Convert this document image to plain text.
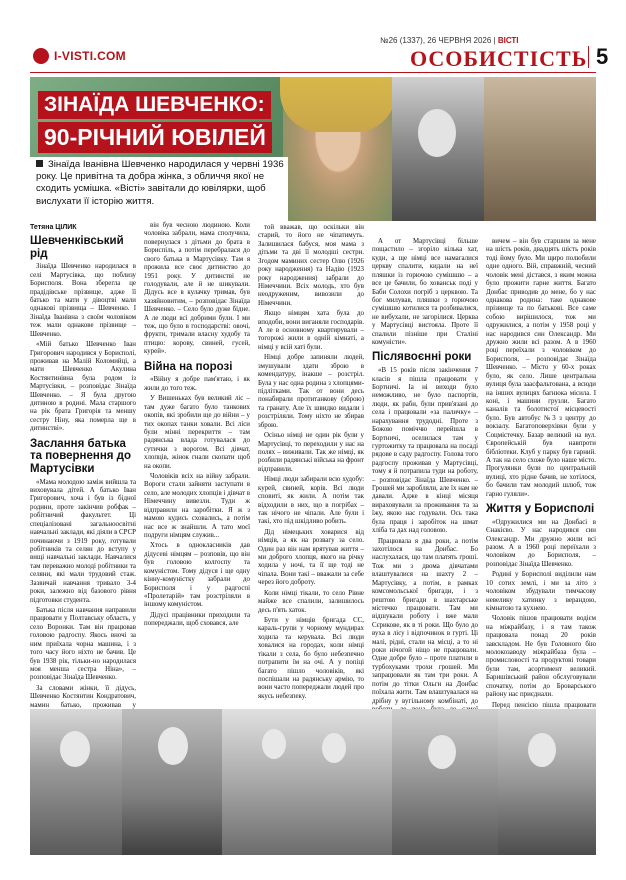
I-VISTI.COM
№26 (1337), 26 ЧЕРВНЯ 2026 | ВІСТІ
ОСОБИСТІСТЬ 5
ЗІНАЇДА ШЕВЧЕНКО:
90-РІЧНИЙ ЮВІЛЕЙ
Зінаїда Іванівна Шевченко народилася у червні 1936 року. Це привітна та добра жінка, з обличчя якої не сходить усмішка. «Вісті» завітали до ювілярки, щоб вислухати її історію життя.

Тетяна ЦІЛИК

Шевченківський рід

Зінаїда Шевченко народилася в селі Мартусівка, що поблизу Борисполя. Вона зберегла це прадідівське прізвище, адже її батько та мати у дівоцтві мали однакові прізвища – Шевченко. І Зінаїда Іванівна з своїм чоловіком теж мали однакове прізвище – Шевченко.

«Мій батько Шевченко Іван Григорович народився у Борисполі, проживав на Малій Коломийці, а мати Шевченко Акулина Костянтинівна була родом із Мартусівки, – розповідає Зінаїда Шевченко. – Я була другою дитиною в родині. Мала старшого на рік брата Григорія та меншу сестру Ніну, яка померла ще в дитинстві».

Заслання батька та повернення до Мартусівки

«Мама молодою заміж вийшла та виховувала дітей. А батько Іван Григорович, хоча і був із бідної родини, проте закінчив робфак – робітничий факультет. Ці спеціалізовані загальноосвітні навчальні заклади, які діяли в СРСР починаючи з 1919 року, готували робітників та селян до вступу у вищі навчальні заклади. Навчалися там переважно молоді робітники та селяни, які мали трудовий стаж. Зазвичай навчання тривало 3-4 роки, залежно від базового рівня підготовки студента.

Батька після навчання направили працювати у Полтавську область, у село Воронки. Там він працював головою радгоспу. Якось вночі за ним приїхала чорна машина, і з того часу його ніхто не бачив. Це був 1938 рік, тільки-но народилася моя менша сестра Ніна», – розповідає Зінаїда Шевченко.

За словами жінки, її дідусь, Шевченко Костянтин Кондратович, мамин батько, проживав у

він був чесною людиною. Коли чоловіка забрали, мама сполучила, повернулася з дітьми до брата в Бориспіль, а потім перебралася до свого батька в Мартусівку. Там я прожила все своє дитинство до 1951 року. У дитинстві не голодували, але й не шикували. Дідусь все в кулачку тримав, був хазяйновитим, – розповідає Зінаїда Шевченко. – Село було дуже бідне. А ле люди всі добрими були. І ми теж, що було в господарстві: овочі, фрукти, тримали власну худобу та птицю: корову, свиней, гусей, курей».

Війна на порозі

«Війну я добре пам'ятаю, і як жили до того теж.

У Вишеньках був великий ліс – там дуже багато було танкових окопів, які зробили ще до війни – у тих окопах танки ховали. Всі ліси були мінні перекриття – там радянська влада готувалася до сутички з ворогом. Всі дівчат, хлопців, жінок гнали скопати щоб на окопи.

Чоловіків всіх на війну забрали. Вороги стали зайняти заступати в село, але молодих хлопців і дівчат в Німеччину вивезли. Туди ж відправили на заробітки. Я ж з мамою кудись сховались, а потім нас все ж знайшли. А тато моєї подруги німцям служив...

Хтось в однокласників дав дідусеві німцям – розповів, що він був головою колгоспу та комуністом. Тому дідуся і ще одну кінну-комуністку забрали до Борисполя і у радгоспі «Пролетарій» там розстріляли в іншому комуністом.

Дідусі працівники приходили та попереджали, щоб сховався, але

той вважав, що оскільки він старий, то його не чіпатимуть. Залишилася бабуся, моя мама з дітьми та дві її молодші сестри. Згодом маминих сестер Олю (1926 року народження) та Надію (1923 року народження) забрали до Німеччини. Всіх молодь, хто був неодруженим, вивозили до Німеччини.

Якщо німцям хата була до вподоби, вони виганяли господарів. А ле в основному квартирували – тогорожі жили в одній кімнаті, а німці у всій хаті були.

Німці добре запиняли людей, змушували здати зброю в комендатуру, інакше – розстріл. Була у нас одна родина з хлопцями-підлітками. Так от вони десь понабирали протитанкову (зброю) та гранату. Але їх швидко видали і розстріляли. Тому ніхто не збирав зброю.

Осіньо німці не один рік були у Мартусівці, то переходили у нас на полях – виживали. Так же німці, як розбили радянські війська на фронт відправили.

Німці люди забирали всю худобу: курей, свиней, корів. Всі люди сповиті, як жили. А потім так відходили в них, що в погрібах – так нічого не чіпали. Але були і такі, хто під шкідливо робить.

Дід німецьких ховарися від німців, а як на розвагу за село. Один раз він нам врятував життя – ми доброго хлопця, якого на річку ходила у ночі, та її ще тоді не чіпала. Вони такі – вважали за себе через його доброту.

Коли німці тікали, то село Рівне майже все спалили, залишилось десь п'ять хаток.

Бути у німців бригада СС, караль-групи у чорному мундирах ходила та керувала. Всі люди ховалися на городах, коли німці тікали з села, бо було небезпечно потрапити їм на очі. А у попіці багато пішло чоловіків, які поспішали на радянську армію, то вони часто попереджали людей про якусь небезпеку.

А от Мартусівці більше пощастило – згоріло кілька хат, куди, а ще німці все намагалися церкву спалити, кидали на неї пляшки із горючою сумішшю – а все це бачили, бо хованськ поді у Баби Солохи погріб з церквою. Та бог милував, пляшки з горючою сумішшю котилися та розбивалися, не вибухали, не загорілися. Церква у Мартусівці вистояла. Проте її спалили пізніше при Сталіні комуністи».

Післявоєнні роки

«В 15 років після закінчення 7 класів я пішла працювати у Бортничі. Іа ні виходи було неможливо, не було паспортів, люди, як раби, були прив'язані до села і працювали «за паличку» – нарахування трудодні. Проте з Божою поміччю перейшла в Бортничі, оселилася там у гуртожитку та працювала на посаді рядове в саду радгоспу. Голова того радгоспу проживав у Мартусівці, тому я й потрапила туди на роботу, – розповідає Зінаїда Шевченко. – Грошей ми заробляли, але їх нам не давали. Адже в кінці місяця вираховували за проживання та за їжу, якою нас годували. Ось така була праця і заробіток на шмат хліба та дах над головою.

Працювала я два роки, а потім захотілося на Донбас. Бо наслухалася, що там платять гроші. Тож ми з двома дівчатами влаштувалися на шахту 2 – Мартусівку, а потім, в рамках комсомольської бригади, і з рештою бригади в шахтарське містечко працювати. Там ми відшукали роботу і вже мали Сєрикове, як в ті роки. Що було до вуха в лісу і відпочинок в гурті. Ці малі, рідні, стали на місці, а то ні роки нічогой ніщо не працювали. Одне добре було – проте платили в турбохуками трохи грошей. Ми запрацювали як там три роки. А потім до тітки Ольги на Донбас поїхала жити. Там влаштувалася на дрібну у вугільному комбінаті, до

вичем – він був старшим за мене на шість років, двадцять шість років тоді йому було. Ми щиро полюбили одне одного. Вій, справжній, чесний чоловік мені дістався, з яким можна було прожити гарне життя. Багато Донбас приводив до мене, бо у нас однакова родина: таке однакове прізвище та по батькові. Все саме собою вирішилося, тож ми одружилися, а потім у 1958 році у нас народився син Олександр. Ми дружно жили всі разом. А в 1960 році переїхали з чоловіком до Борисполя, – розповідає Зінаїда Шевченко. – Місто у 60-х роках було, як село. Лише центральна вулиця була заасфальтована, а всюди на інших вулицях багнюка місила. І коні, і машини грузли. Багато каналів та болотистої місцевості було. Був автобус №3 з центру до вокзалу. Багатоповерхівки були у Соцмістечку. Базар великий на вул. Європейській був навпроти бібліотеки. Клуб у парку був гарний. А так на село схоже було наше місто. Прогулянки були по центральній вулиці, хто рідне бачив, не хотілося, бо бачили там молодий шлюб, тож гарно гуляли».

Життя у Борисполі

«Одружилися ми на Донбасі в Єнакієво. У нас народився син Олександр. Ми дружно жили всі разом. А в 1960 році переїхали з чоловіком до Борисполя, – розповідає Зінаїда Шевченко.

Родині у Борисполі виділили нам 10 сотих землі, і ми за літо з чоловіком збудували тимчасову невелику хатинку з верандою, кімнатою та кухнею.

Чоловік пішов працювати водієм на міжрайбазу, і я там також працювала понад 20 років завскладом. Не був Головного бію молокозаводу міжрайбаза була – промисловості та продуктові товари були там, асортимент великий. Баришівський район обслуговували спочатку, потім до Броварського району нас приєднали.

Перед пенсією пішла працювати
